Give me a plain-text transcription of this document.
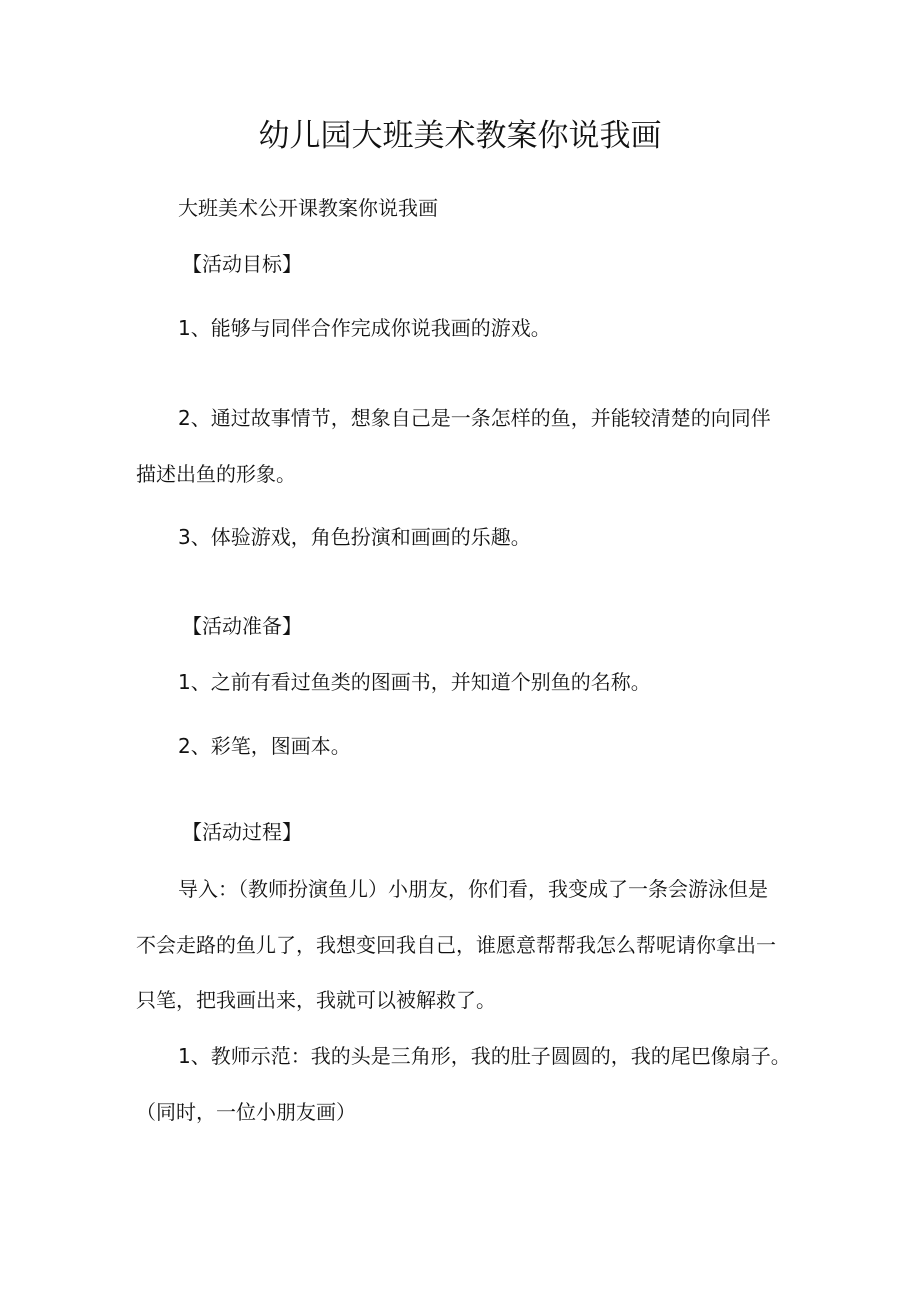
幼儿园大班美术教案你说我画

大班美术公开课教案你说我画

【活动目标】

1、能够与同伴合作完成你说我画的游戏。

2、通过故事情节，想象自己是一条怎样的鱼，并能较清楚的向同伴

描述出鱼的形象。

3、体验游戏，角色扮演和画画的乐趣。

【活动准备】

1、之前有看过鱼类的图画书，并知道个别鱼的名称。

2、彩笔，图画本。

【活动过程】

导入：（教师扮演鱼儿）小朋友，你们看，我变成了一条会游泳但是

不会走路的鱼儿了，我想变回我自己，谁愿意帮帮我怎么帮呢请你拿出一

只笔，把我画出来，我就可以被解救了。

1、教师示范：我的头是三角形，我的肚子圆圆的，我的尾巴像扇子。

（同时，一位小朋友画）
